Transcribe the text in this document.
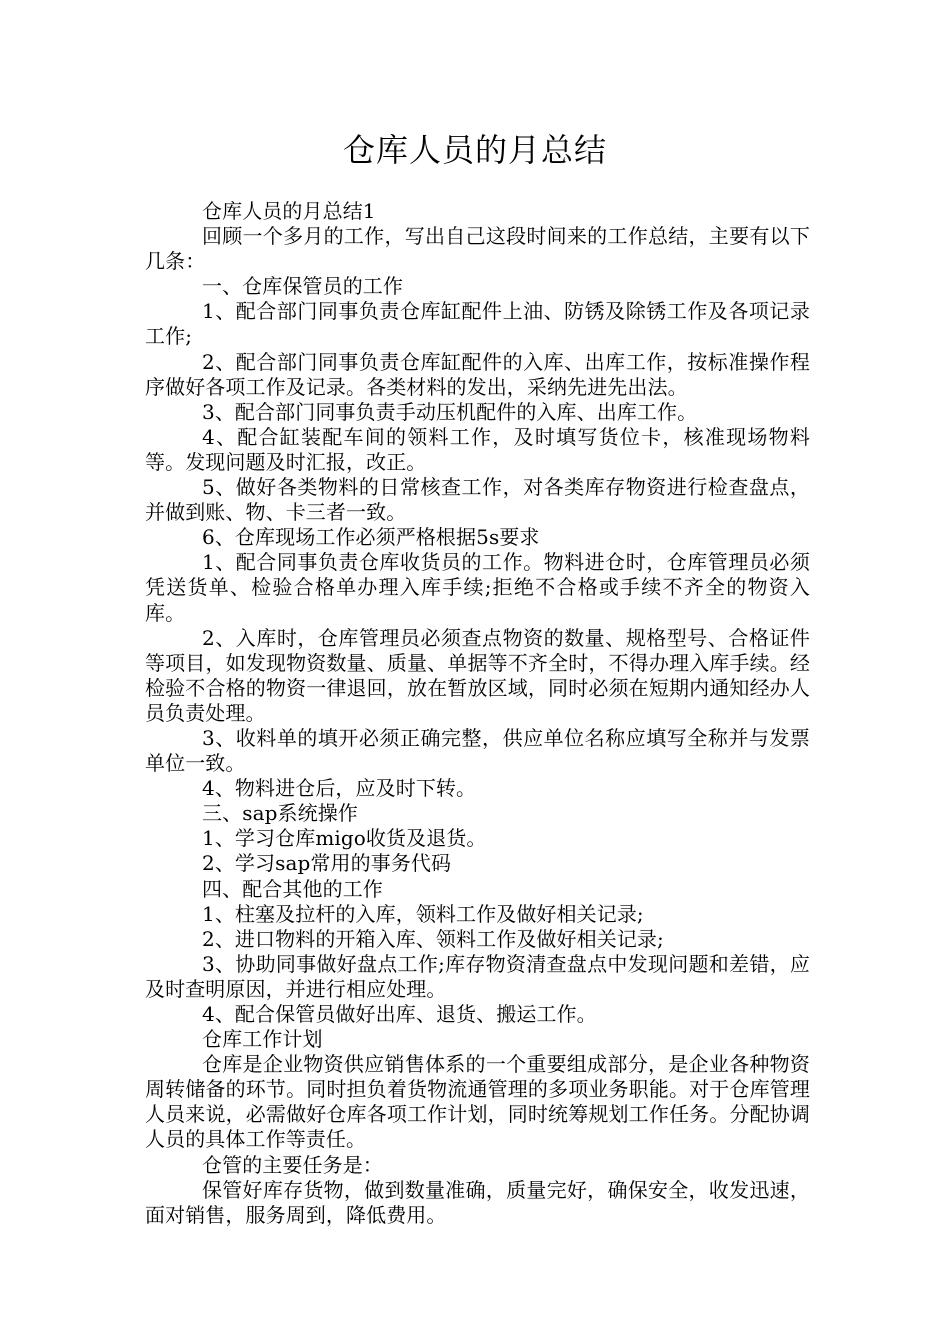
仓库人员的月总结

仓库人员的月总结1

回顾一个多月的工作，写出自己这段时间来的工作总结，主要有以下几条：

一、仓库保管员的工作

1、配合部门同事负责仓库缸配件上油、防锈及除锈工作及各项记录工作;

2、配合部门同事负责仓库缸配件的入库、出库工作，按标准操作程序做好各项工作及记录。各类材料的发出，采纳先进先出法。

3、配合部门同事负责手动压机配件的入库、出库工作。

4、配合缸装配车间的领料工作，及时填写货位卡，核准现场物料等。发现问题及时汇报，改正。

5、做好各类物料的日常核查工作，对各类库存物资进行检查盘点，并做到账、物、卡三者一致。

6、仓库现场工作必须严格根据5s要求

1、配合同事负责仓库收货员的工作。物料进仓时，仓库管理员必须凭送货单、检验合格单办理入库手续;拒绝不合格或手续不齐全的物资入库。

2、入库时，仓库管理员必须查点物资的数量、规格型号、合格证件等项目，如发现物资数量、质量、单据等不齐全时，不得办理入库手续。经检验不合格的物资一律退回，放在暂放区域，同时必须在短期内通知经办人员负责处理。

3、收料单的填开必须正确完整，供应单位名称应填写全称并与发票单位一致。

4、物料进仓后，应及时下转。

三、sap系统操作

1、学习仓库migo收货及退货。

2、学习sap常用的事务代码

四、配合其他的工作

1、柱塞及拉杆的入库，领料工作及做好相关记录;

2、进口物料的开箱入库、领料工作及做好相关记录;

3、协助同事做好盘点工作;库存物资清查盘点中发现问题和差错，应及时查明原因，并进行相应处理。

4、配合保管员做好出库、退货、搬运工作。

仓库工作计划

仓库是企业物资供应销售体系的一个重要组成部分，是企业各种物资周转储备的环节。同时担负着货物流通管理的多项业务职能。对于仓库管理人员来说，必需做好仓库各项工作计划，同时统筹规划工作任务。分配协调人员的具体工作等责任。

仓管的主要任务是：

保管好库存货物，做到数量准确，质量完好，确保安全，收发迅速，面对销售，服务周到，降低费用。
